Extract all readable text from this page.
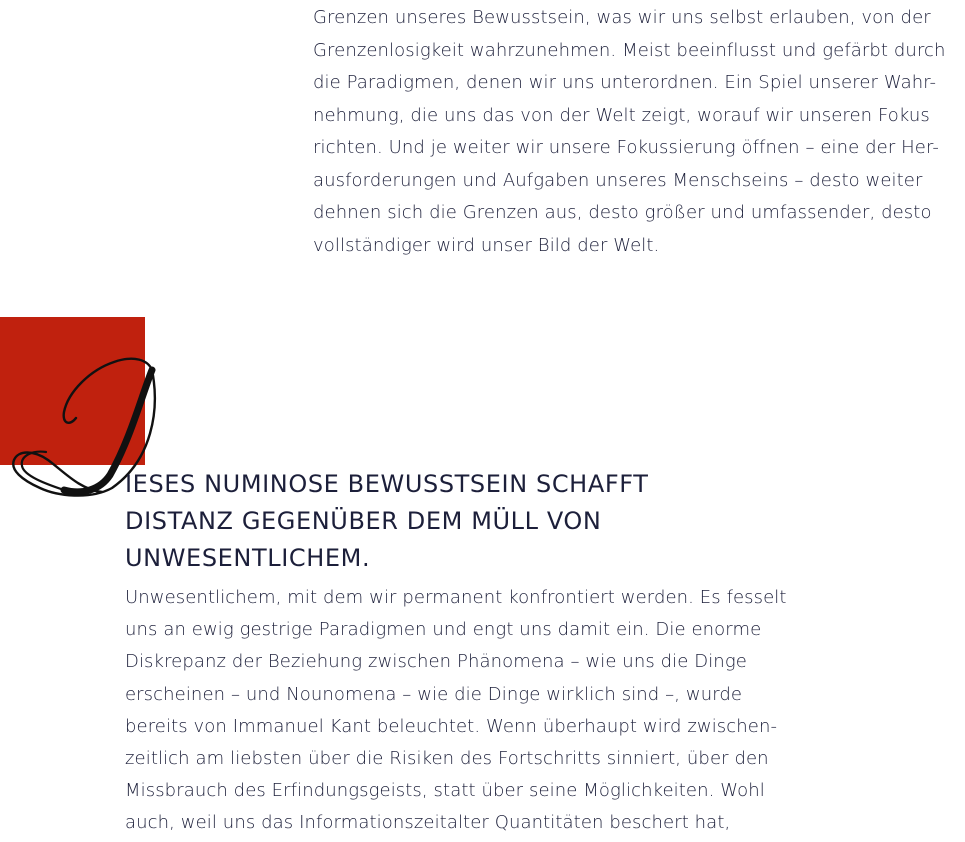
Grenzen unseres Bewusstsein, was wir uns selbst erlauben, von der
Grenzenlosigkeit wahrzunehmen. Meist beeinflusst und gefärbt durch
die Paradigmen, denen wir uns unterordnen. Ein Spiel unserer Wahr-
nehmung, die uns das von der Welt zeigt, worauf wir unseren Fokus
richten. Und je weiter wir unsere Fokussierung öffnen – eine der Her-
ausforderungen und Aufgaben unseres Menschseins – desto weiter
dehnen sich die Grenzen aus, desto größer und umfassender, desto
vollständiger wird unser Bild der Welt.
IESES NUMINOSE BEWUSSTSEIN SCHAFFT
DISTANZ GEGENÜBER DEM MÜLL VON
UNWESENTLICHEM.
Unwesentlichem, mit dem wir permanent konfrontiert werden. Es fesselt
uns an ewig gestrige Paradigmen und engt uns damit ein. Die enorme
Diskrepanz der Beziehung zwischen Phänomena – wie uns die Dinge
erscheinen – und Nounomena – wie die Dinge wirklich sind –, wurde
bereits von Immanuel Kant beleuchtet. Wenn überhaupt wird zwischen-
zeitlich am liebsten über die Risiken des Fortschritts sinniert, über den
Missbrauch des Erfindungsgeists, statt über seine Möglichkeiten. Wohl
auch, weil uns das Informationszeitalter Quantitäten beschert hat,
